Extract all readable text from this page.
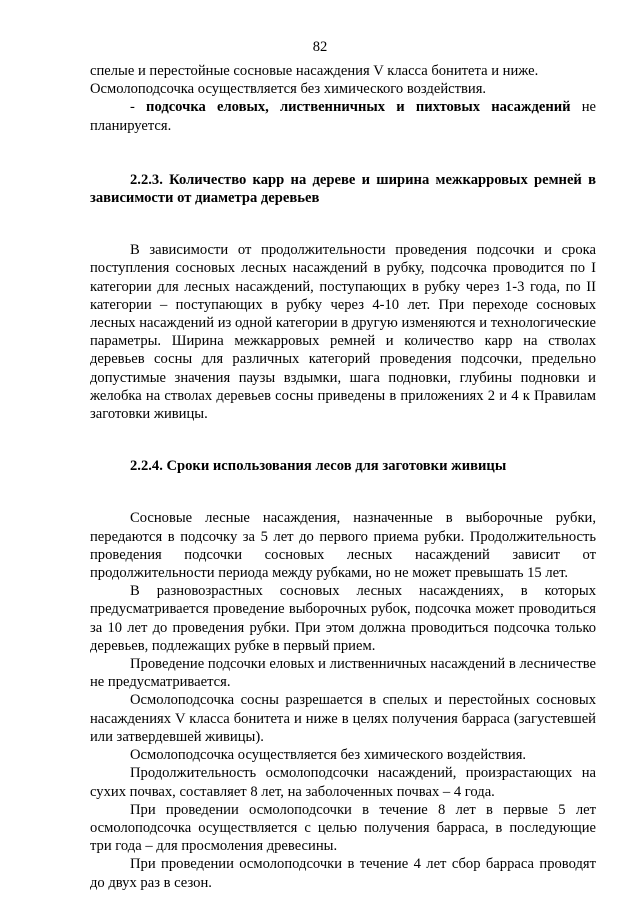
82

спелые и перестойные сосновые насаждения V класса бонитета и ниже.

Осмолоподсочка осуществляется без химического воздействия.

- подсочка еловых, лиственничных и пихтовых насаждений не планируется.

2.2.3. Количество карр на дереве и ширина межкарровых ремней в зависимости от диаметра деревьев

В зависимости от продолжительности проведения подсочки и срока поступления сосновых лесных насаждений в рубку, подсочка проводится по I категории для лесных насаждений, поступающих в рубку через 1-3 года, по II категории – поступающих в рубку через 4-10 лет. При переходе сосновых лесных насаждений из одной категории в другую изменяются и технологические параметры. Ширина межкарровых ремней и количество карр на стволах деревьев сосны для различных категорий проведения подсочки, предельно допустимые значения паузы вздымки, шага подновки, глубины подновки и желобка на стволах деревьев сосны приведены в приложениях 2 и 4 к Правилам заготовки живицы.

2.2.4. Сроки использования лесов для заготовки живицы

Сосновые лесные насаждения, назначенные в выборочные рубки, передаются в подсочку за 5 лет до первого приема рубки. Продолжительность проведения подсочки сосновых лесных насаждений зависит от продолжительности периода между рубками, но не может превышать 15 лет.

В разновозрастных сосновых лесных насаждениях, в которых предусматривается проведение выборочных рубок, подсочка может проводиться за 10 лет до проведения рубки. При этом должна проводиться подсочка только деревьев, подлежащих рубке в первый прием.

Проведение подсочки еловых и лиственничных насаждений в лесничестве не предусматривается.

Осмолоподсочка сосны разрешается в спелых и перестойных сосновых насаждениях V класса бонитета и ниже в целях получения барраса (загустевшей или затвердевшей живицы).

Осмолоподсочка осуществляется без химического воздействия.

Продолжительность осмолоподсочки насаждений, произрастающих на сухих почвах, составляет 8 лет, на заболоченных почвах – 4 года.

При проведении осмолоподсочки в течение 8 лет в первые 5 лет осмолоподсочка осуществляется с целью получения барраса, в последующие три года – для просмоления древесины.

При проведении осмолоподсочки в течение 4 лет сбор барраса проводят до двух раз в сезон.
